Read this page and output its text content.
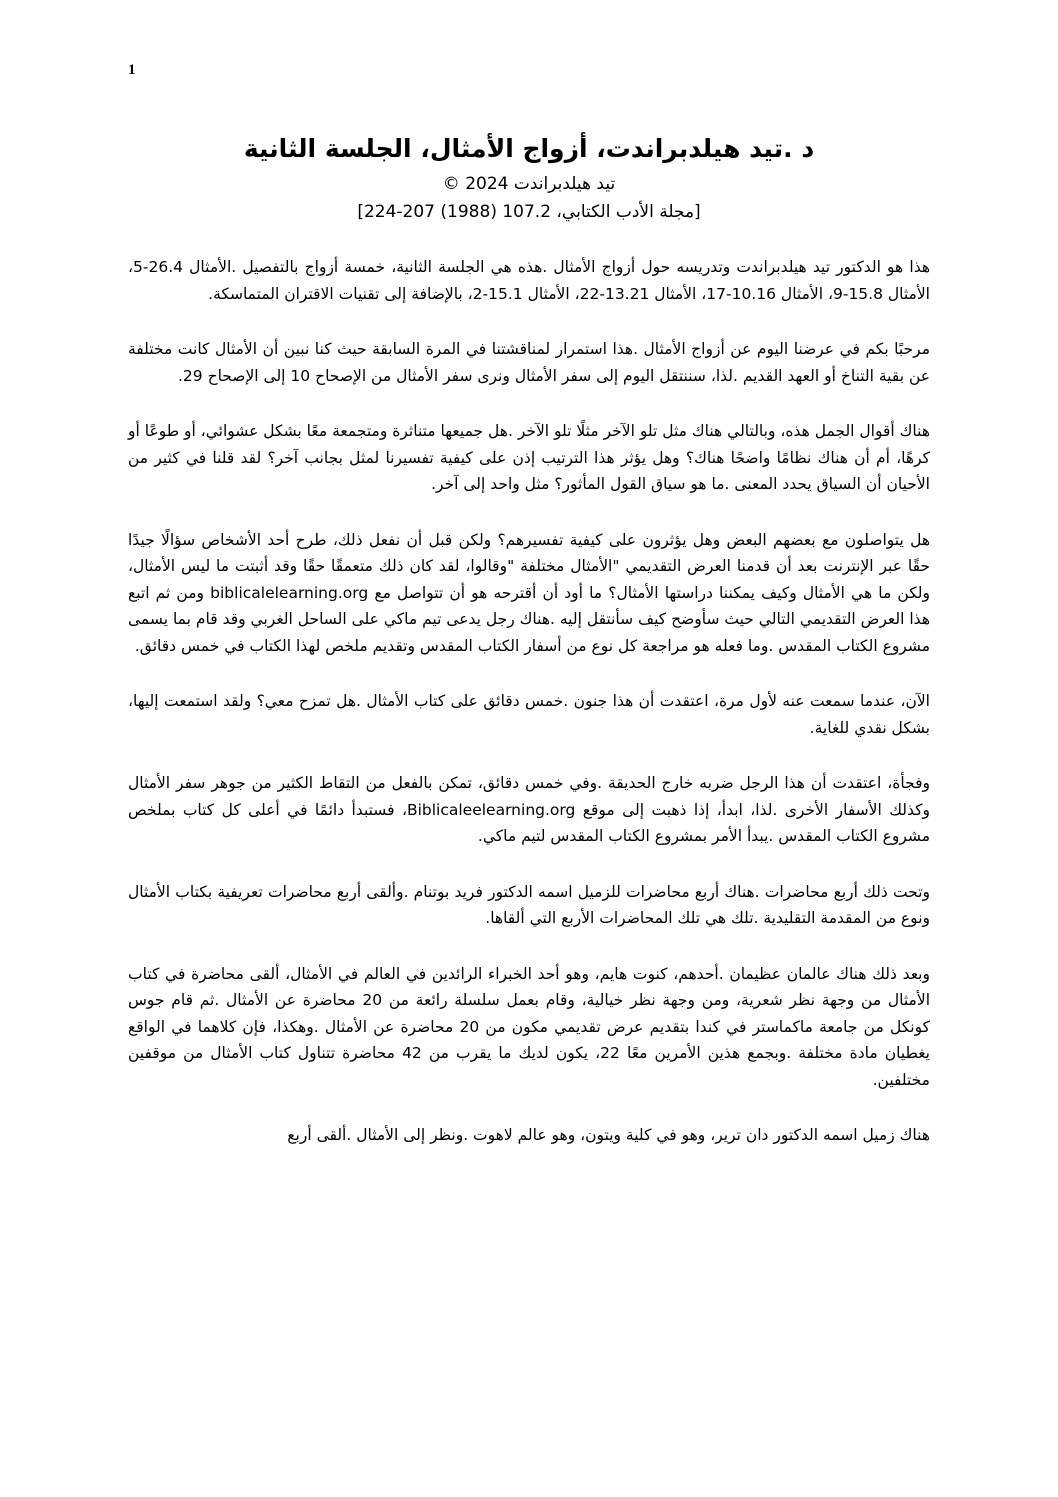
1

د .تيد هيلدبراندت، أزواج الأمثال، الجلسة الثانية

تيد هيلدبراندت 2024 ©

[مجلة الأدب الكتابي، 107.2 (1988) 207-224]

هذا هو الدكتور تيد هيلدبراندت وتدريسه حول أزواج الأمثال .هذه هي الجلسة الثانية، خمسة أزواج بالتفصيل .الأمثال 26.4-5، الأمثال 15.8-9، الأمثال 10.16-17، الأمثال 13.21-22، الأمثال 15.1-2، بالإضافة إلى تقنيات الاقتران المتماسكة.

مرحبًا بكم في عرضنا اليوم عن أزواج الأمثال .هذا استمرار لمناقشتنا في المرة السابقة حيث كنا نبين أن الأمثال كانت مختلفة عن بقية التناخ أو العهد القديم .لذا، سننتقل اليوم إلى سفر الأمثال ونرى سفر الأمثال من الإصحاح 10 إلى الإصحاح 29.

هناك أقوال الجمل هذه، وبالتالي هناك مثل تلو الآخر مثلًا تلو الآخر .هل جميعها متناثرة ومتجمعة معًا بشكل عشوائي، أو طوعًا أو كرهًا، أم أن هناك نظامًا واضحًا هناك؟ وهل يؤثر هذا الترتيب إذن على كيفية تفسيرنا لمثل بجانب آخر؟ لقد قلنا في كثير من الأحيان أن السياق يحدد المعنى .ما هو سياق القول المأثور؟ مثل واحد إلى آخر.

هل يتواصلون مع بعضهم البعض وهل يؤثرون على كيفية تفسيرهم؟ ولكن قبل أن نفعل ذلك، طرح أحد الأشخاص سؤالًا جيدًا حقًا عبر الإنترنت بعد أن قدمنا العرض التقديمي "الأمثال مختلفة "وقالوا، لقد كان ذلك متعمقًا حقًا وقد أثبتت ما ليس الأمثال، ولكن ما هي الأمثال وكيف يمكننا دراستها الأمثال؟ ما أود أن أقترحه هو أن تتواصل مع biblicalelearning.org ومن ثم اتبع هذا العرض التقديمي التالي حيث سأوضح كيف سأنتقل إليه .هناك رجل يدعى تيم ماكي على الساحل الغربي وقد قام بما يسمى مشروع الكتاب المقدس .وما فعله هو مراجعة كل نوع من أسفار الكتاب المقدس وتقديم ملخص لهذا الكتاب في خمس دقائق.

الآن، عندما سمعت عنه لأول مرة، اعتقدت أن هذا جنون .خمس دقائق على كتاب الأمثال .هل تمزح معي؟ ولقد استمعت إليها، بشكل نقدي للغاية.

وفجأة، اعتقدت أن هذا الرجل ضربه خارج الحديقة .وفي خمس دقائق، تمكن بالفعل من التقاط الكثير من جوهر سفر الأمثال وكذلك الأسفار الأخرى .لذا، ابدأ، إذا ذهبت إلى موقع Biblicaleelearning.org، فستبدأ دائمًا في أعلى كل كتاب بملخص مشروع الكتاب المقدس .يبدأ الأمر بمشروع الكتاب المقدس لتيم ماكي.

وتحت ذلك أربع محاضرات .هناك أربع محاضرات للزميل اسمه الدكتور فريد بوتنام .وألقى أربع محاضرات تعريفية بكتاب الأمثال ونوع من المقدمة التقليدية .تلك هي تلك المحاضرات الأربع التي ألقاها.

وبعد ذلك هناك عالمان عظيمان .أحدهم، كنوت هايم، وهو أحد الخبراء الرائدين في العالم في الأمثال، ألقى محاضرة في كتاب الأمثال من وجهة نظر شعرية، ومن وجهة نظر خيالية، وقام بعمل سلسلة رائعة من 20 محاضرة عن الأمثال .ثم قام جوس كونكل من جامعة ماكماستر في كندا بتقديم عرض تقديمي مكون من 20 محاضرة عن الأمثال .وهكذا، فإن كلاهما في الواقع يغطيان مادة مختلفة .وبجمع هذين الأمرين معًا 22، يكون لديك ما يقرب من 42 محاضرة تتناول كتاب الأمثال من موقفين مختلفين.

هناك زميل اسمه الدكتور دان ترير، وهو في كلية ويتون، وهو عالم لاهوت .ونظر إلى الأمثال .ألقى أربع
